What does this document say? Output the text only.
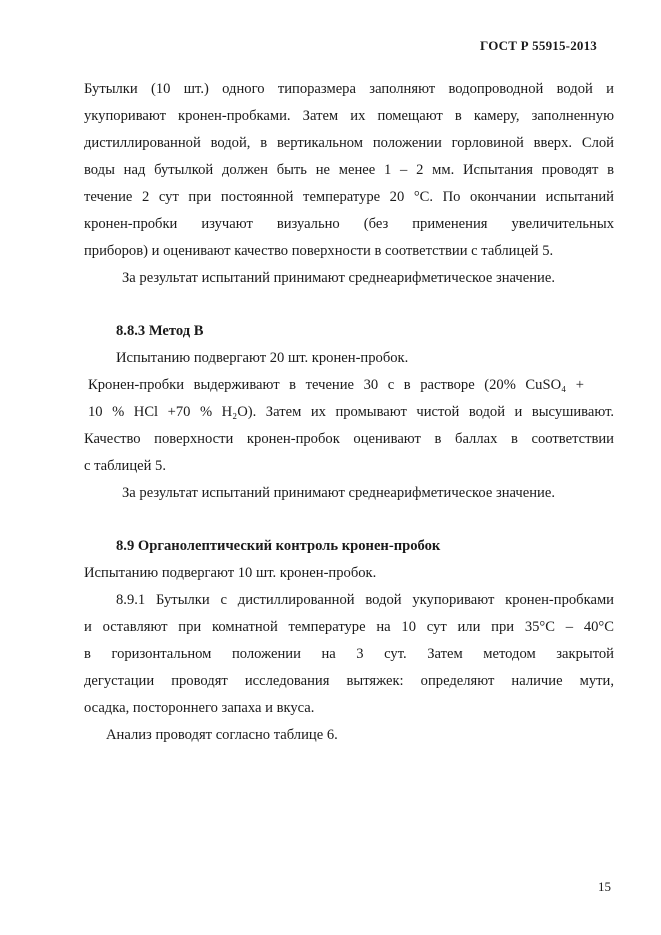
ГОСТ Р 55915-2013
Бутылки (10 шт.) одного типоразмера заполняют водопроводной водой и
укупоривают кронен-пробками. Затем их помещают в камеру, заполненную
дистиллированной водой, в вертикальном положении горловиной вверх. Слой
воды над бутылкой должен быть не менее 1 – 2 мм. Испытания проводят в
течение 2 сут при постоянной температуре 20 °С. По окончании испытаний
кронен-пробки изучают визуально (без применения увеличительных
приборов) и оценивают качество поверхности в соответствии с таблицей 5.
За результат испытаний принимают среднеарифметическое значение.
8.8.3 Метод В
Испытанию подвергают 20 шт. кронен-пробок.
Кронен-пробки выдерживают в течение 30 с в растворе (20% CuSO₄ +
10 % HCl +70 % H₂O). Затем их промывают чистой водой и высушивают.
Качество поверхности кронен-пробок оценивают в баллах в соответствии
с таблицей 5.
За результат испытаний принимают среднеарифметическое значение.
8.9 Органолептический контроль кронен-пробок
Испытанию подвергают 10 шт. кронен-пробок.
8.9.1 Бутылки с дистиллированной водой укупоривают кронен-пробками
и оставляют при комнатной температуре на 10 сут или при 35°С – 40°С
в горизонтальном положении на 3 сут. Затем методом закрытой
дегустации проводят исследования вытяжек: определяют наличие мути,
осадка, постороннего запаха и вкуса.
Анализ проводят согласно таблице 6.
15
